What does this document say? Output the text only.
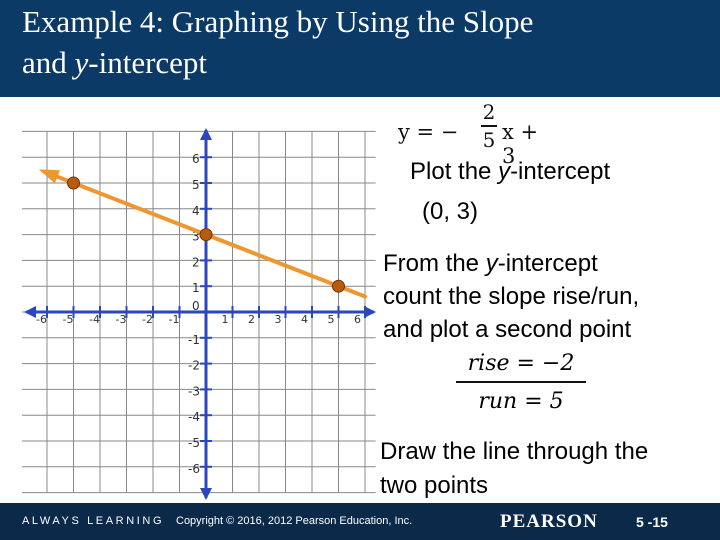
Example 4: Graphing by Using the Slope
and y-intercept
-6 -5 -4 -3 -2 -1	1 2 3 4 5 6
6
5
4
3
2
1
0
-1
-2
-3
-4
-5
-6
y = −
2
5 x + 3
Plot the y-intercept
(0, 3)
From the y-intercept
count the slope rise/run,
and plot a second point
rise = −2
run = 5
Draw the line through the
two points
ALWAYS LEARNING Copyright © 2016, 2012 Pearson Education, Inc.	PEARSON	5 -15
